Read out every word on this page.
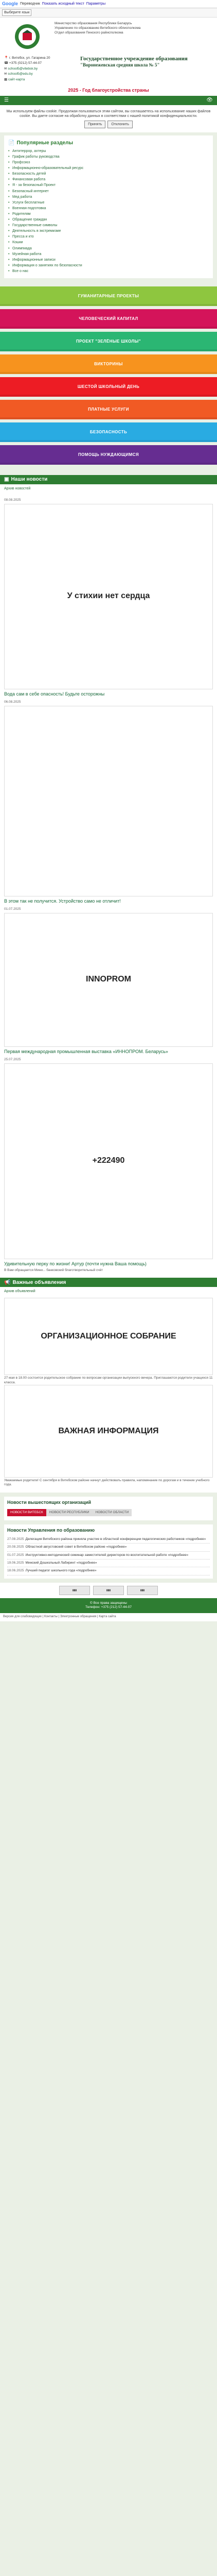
Google Переводчик Показать исходный текст Параметры
Выберите язык
Министерство образования Республики Беларусь
Управление по образованию Витебского облисполкома
Отдел образования Пинского райисполкома
📍 г. Витебск, ул. Гагарина 20
☎ +375 (0212) 57-44-07
✉ school5@vitebsk.by
✉ school5@edu.by
▦ сайт-карта
Государственное учреждение образования
"Воронежевская средняя школа № 5"
2025 - Год благоустройства страны
☰	👁
Мы используем файлы cookie. Продолжая пользоваться этим сайтом, вы соглашаетесь на использование наших файлов cookie. Вы даете согласие на обработку данных в соответствии с нашей политикой конфиденциальности.
Принять	Отклонить
📄 Популярные разделы
• Антитеррор, ахтеры
• График работы руководства
• Профсоюз
• Информационно-образовательный ресурс
• Безопасность детей
• Финансовая работа
• Я - за безопасный Проект
• Безопасный интернет
• Мед работа
• Услуги бесплатные
• Военная подготовка
• Родителям
• Обращение граждан
• Государственные символы
• Деятельность в экстремизме
• Пресса и кто
• Кошки
• Олимпиада
• Музейная работа
• Информационные записи
• Информация о занятиях по безопасности
• Все о нас
ГУМАНИТАРНЫЕ ПРОЕКТЫ
ЧЕЛОВЕЧЕСКИЙ КАПИТАЛ
ПРОЕКТ "ЗЕЛЁНЫЕ ШКОЛЫ"
ВИКТОРИНЫ
ШЕСТОЙ ШКОЛЬНЫЙ ДЕНЬ
ПЛАТНЫЕ УСЛУГИ
БЕЗОПАСНОСТЬ
ПОМОЩЬ НУЖДАЮЩИМСЯ
▣ Наши новости
Архив новостей
08.08.2025
У стихии нет сердца
Вода сам в себе опасность! Будьте осторожны
06.08.2025
В этом так не получится. Устройство само не отличит!
01.07.2025
INNOPROM
Первая международная промышленная выставка «ИННОПРОМ. Беларусь»
25.07.2025
+222490
Удивительную перку по жизни! Артур (почти нужна Ваша помощь)
В Вам обращается Мини... банковский благотворительный счёт
📢 Важные объявления
Архив объявлений
ОРГАНИЗАЦИОННОЕ СОБРАНИЕ
27 мая в 18.00 состоится родительское собрание по вопросам организации выпускного вечера. Приглашаются родители учащихся 11 класса.
ВАЖНАЯ ИНФОРМАЦИЯ
Уважаемые родители! С сентября в Витебском районе начнут действовать правила, напоминание по дорогам и в течение учебного года.
Новости вышестоящих организаций
НОВОСТИ ВИТЕБСК НОВОСТИ РЕСПУБЛИКИ НОВОСТИ ОБЛАСТИ
Новости Управления по образованию
27.08.2025 Делегация Витебского района приняла участие в областной конференции педагогических работников «подробнее»
20.08.2025 Областной августовский совет в Витебском районе «подробнее»
01.07.2025 Инструктивно-методический семинар заместителей директоров по воспитательной работе «подробнее»
19.06.2025 Минский Дошкольный Лабиринт «подробнее»
18.06.2025 Лучший педагог школьного года «подробнее»
▮▮▮	▮▮▮	▮▮▮
© Все права защищены
Телефон: +375 (212) 57-44-07
Версия для слабовидящих | Контакты | Электронные обращения | Карта сайта
